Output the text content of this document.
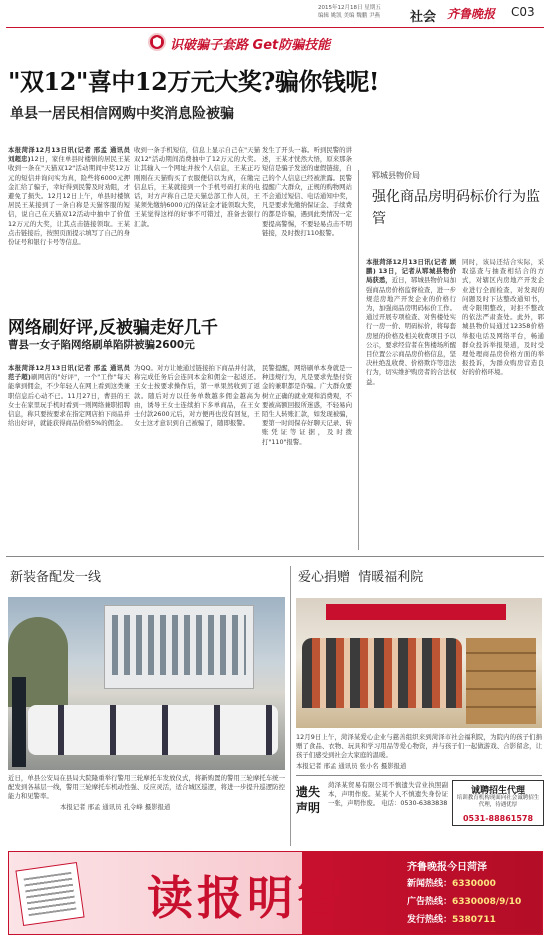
2015年12月18日 星期五
编辑 姚凯 美编 魏鹏 尹燕	社会 齐鲁晚报 C03
识破骗子套路 Get防骗技能
"双12"喜中12万元大奖?骗你钱呢!
单县一居民相信网购中奖消息险被骗
本报菏泽12月13日讯(记者 邢孟 通讯员 刘超忠)12日，家住单县时楼镇的居民王某收到一条在"天猫双12"活动期间中奖12万元的短信并询问实为真，险些将6000元押金汇给了骗子，幸好得到民警及时劝阻，才避免了损失。12月12日上午，单县时楼镇居民王某接到了一条自称是天猫客服的短信，说自己在天猫双12活动中抽中了价值12万元的大奖，让其点击链接领取。王某点击链接后，按照页面提示填写了自己的身份证号和银行卡号等信息。
收到一条手机短信，信息上显示自己在"天猫双12"活动期间消费抽中了12万元的大奖。让其输入一个网址并按个人信息，王某正巧刚刚在天猫购买了衣服便信以为真，在缴完信息后，王某就接到一个手机号码打来的电话，对方声称自己是天猫总部工作人员，王某须先缴纳6000元的保证金才能领取大奖，王某觉得这样的好事不可错过，准备去银行汇款。
发生了开头一幕。听到民警的讲述，王某才恍然大悟，原来那条短信是骗子发送的虚假链接，自己的个人信息已经被泄露。民警提醒广大群众，正规的购物网站不会通过短信、电话通知中奖，凡是要求先缴纳保证金、手续费的都是诈骗，遇到此类情况一定要提高警惕，不要轻易点击不明链接，及时拨打110报警。
网络刷好评,反被骗走好几千
曹县一女子陷网络刷单陷阱被骗2600元
本报菏泽12月13日讯(记者 邢孟 通讯员 范子超)刷网店的"好评"，一个"工作"每天能拿到佣金，不少年轻人在网上看到这类兼职信息后心动不已。11月27日，曹县的王女士在家里玩手机时看到一则网络兼职招聘信息，称只要按要求在指定网店拍下商品并给出好评，就能获得商品价格5%的佣金。
为QQ。对方让她通过链接拍下商品并付款，称完成任务后会连同本金和佣金一起返还。王女士按要求操作后，第一单果然收到了返款。随后对方以任务单数越多佣金越高为由，诱导王女士连续拍下多单商品，在王女士付款2600元后，对方便再也没有回复，王女士这才意识到自己被骗了，随即报警。
民警提醒，网络刷单本身就是一种违规行为，凡是要求先垫付资金的兼职都是诈骗。广大群众要树立正确的就业观和消费观，不要被高额回报所迷惑，不轻易向陌生人转账汇款，如发现被骗，要第一时间保存好聊天记录、转账凭证等证据，及时拨打"110"报警。
郓城县物价局
强化商品房明码标价行为监管
本报菏泽12月13日讯(记者 顾鹏) 13日，记者从郓城县物价局获悉，近日，郓城县物价局加强商品房价格监督检查，进一步规范房地产开发企业的价格行为，加强商品房明码标价工作。通过开展专项检查、对售楼处实行一房一价、明码标价，将每套房屋的价格及相关收费项目予以公示，要求经营者在售楼场所醒目位置公示商品房价格信息，坚决杜绝乱收费、价格欺诈等违法行为，切实维护购房者的合法权益。
同时，该局还结合实际，采取巡查与抽查相结合的方式，对辖区内房地产开发企业进行全面检查，对发现的问题及时下达整改通知书，责令限期整改，对拒不整改的依法严肃查处。此外，郓城县物价局通过12358价格举报电话及网络平台，畅通群众投诉举报渠道，及时受理处理商品房价格方面的举报投诉，为群众购房营造良好的价格环境。
新装备配发一线
近日，单县公安局在县局大院隆重举行警用三轮摩托车发放仪式，将新购置的警用三轮摩托车统一配发到各基层一线，警用三轮摩托车机动性强、反应灵活，适合城区巡逻，将进一步提升巡逻防控能力和见警率。
本报记者 邢孟 通讯员 孔令峰 摄影报道
爱心捐赠  情暖福利院
12月9日上午，菏泽某爱心企业与慈善组织来到菏泽市社会福利院，为院内的孩子们捐赠了食品、衣物、玩具和学习用品等爱心物资，并与孩子们一起做游戏、合影留念，让孩子们感受到社会大家庭的温暖。
本报记者 邢孟 通讯员 张小名 摄影报道
遗失声明
菏泽某贸易有限公司不慎遗失营业执照副本，声明作废。某某个人不慎遗失身份证一张，声明作废。 电话：0530-6383838
诚聘招生代理
培训教育机构现面向社会诚聘招生代理，待遇优厚
0531-88861578
读报明智
齐鲁晚报今日菏泽
新闻热线：6330000
广告热线：6330008/9/10
发行热线：5380711
